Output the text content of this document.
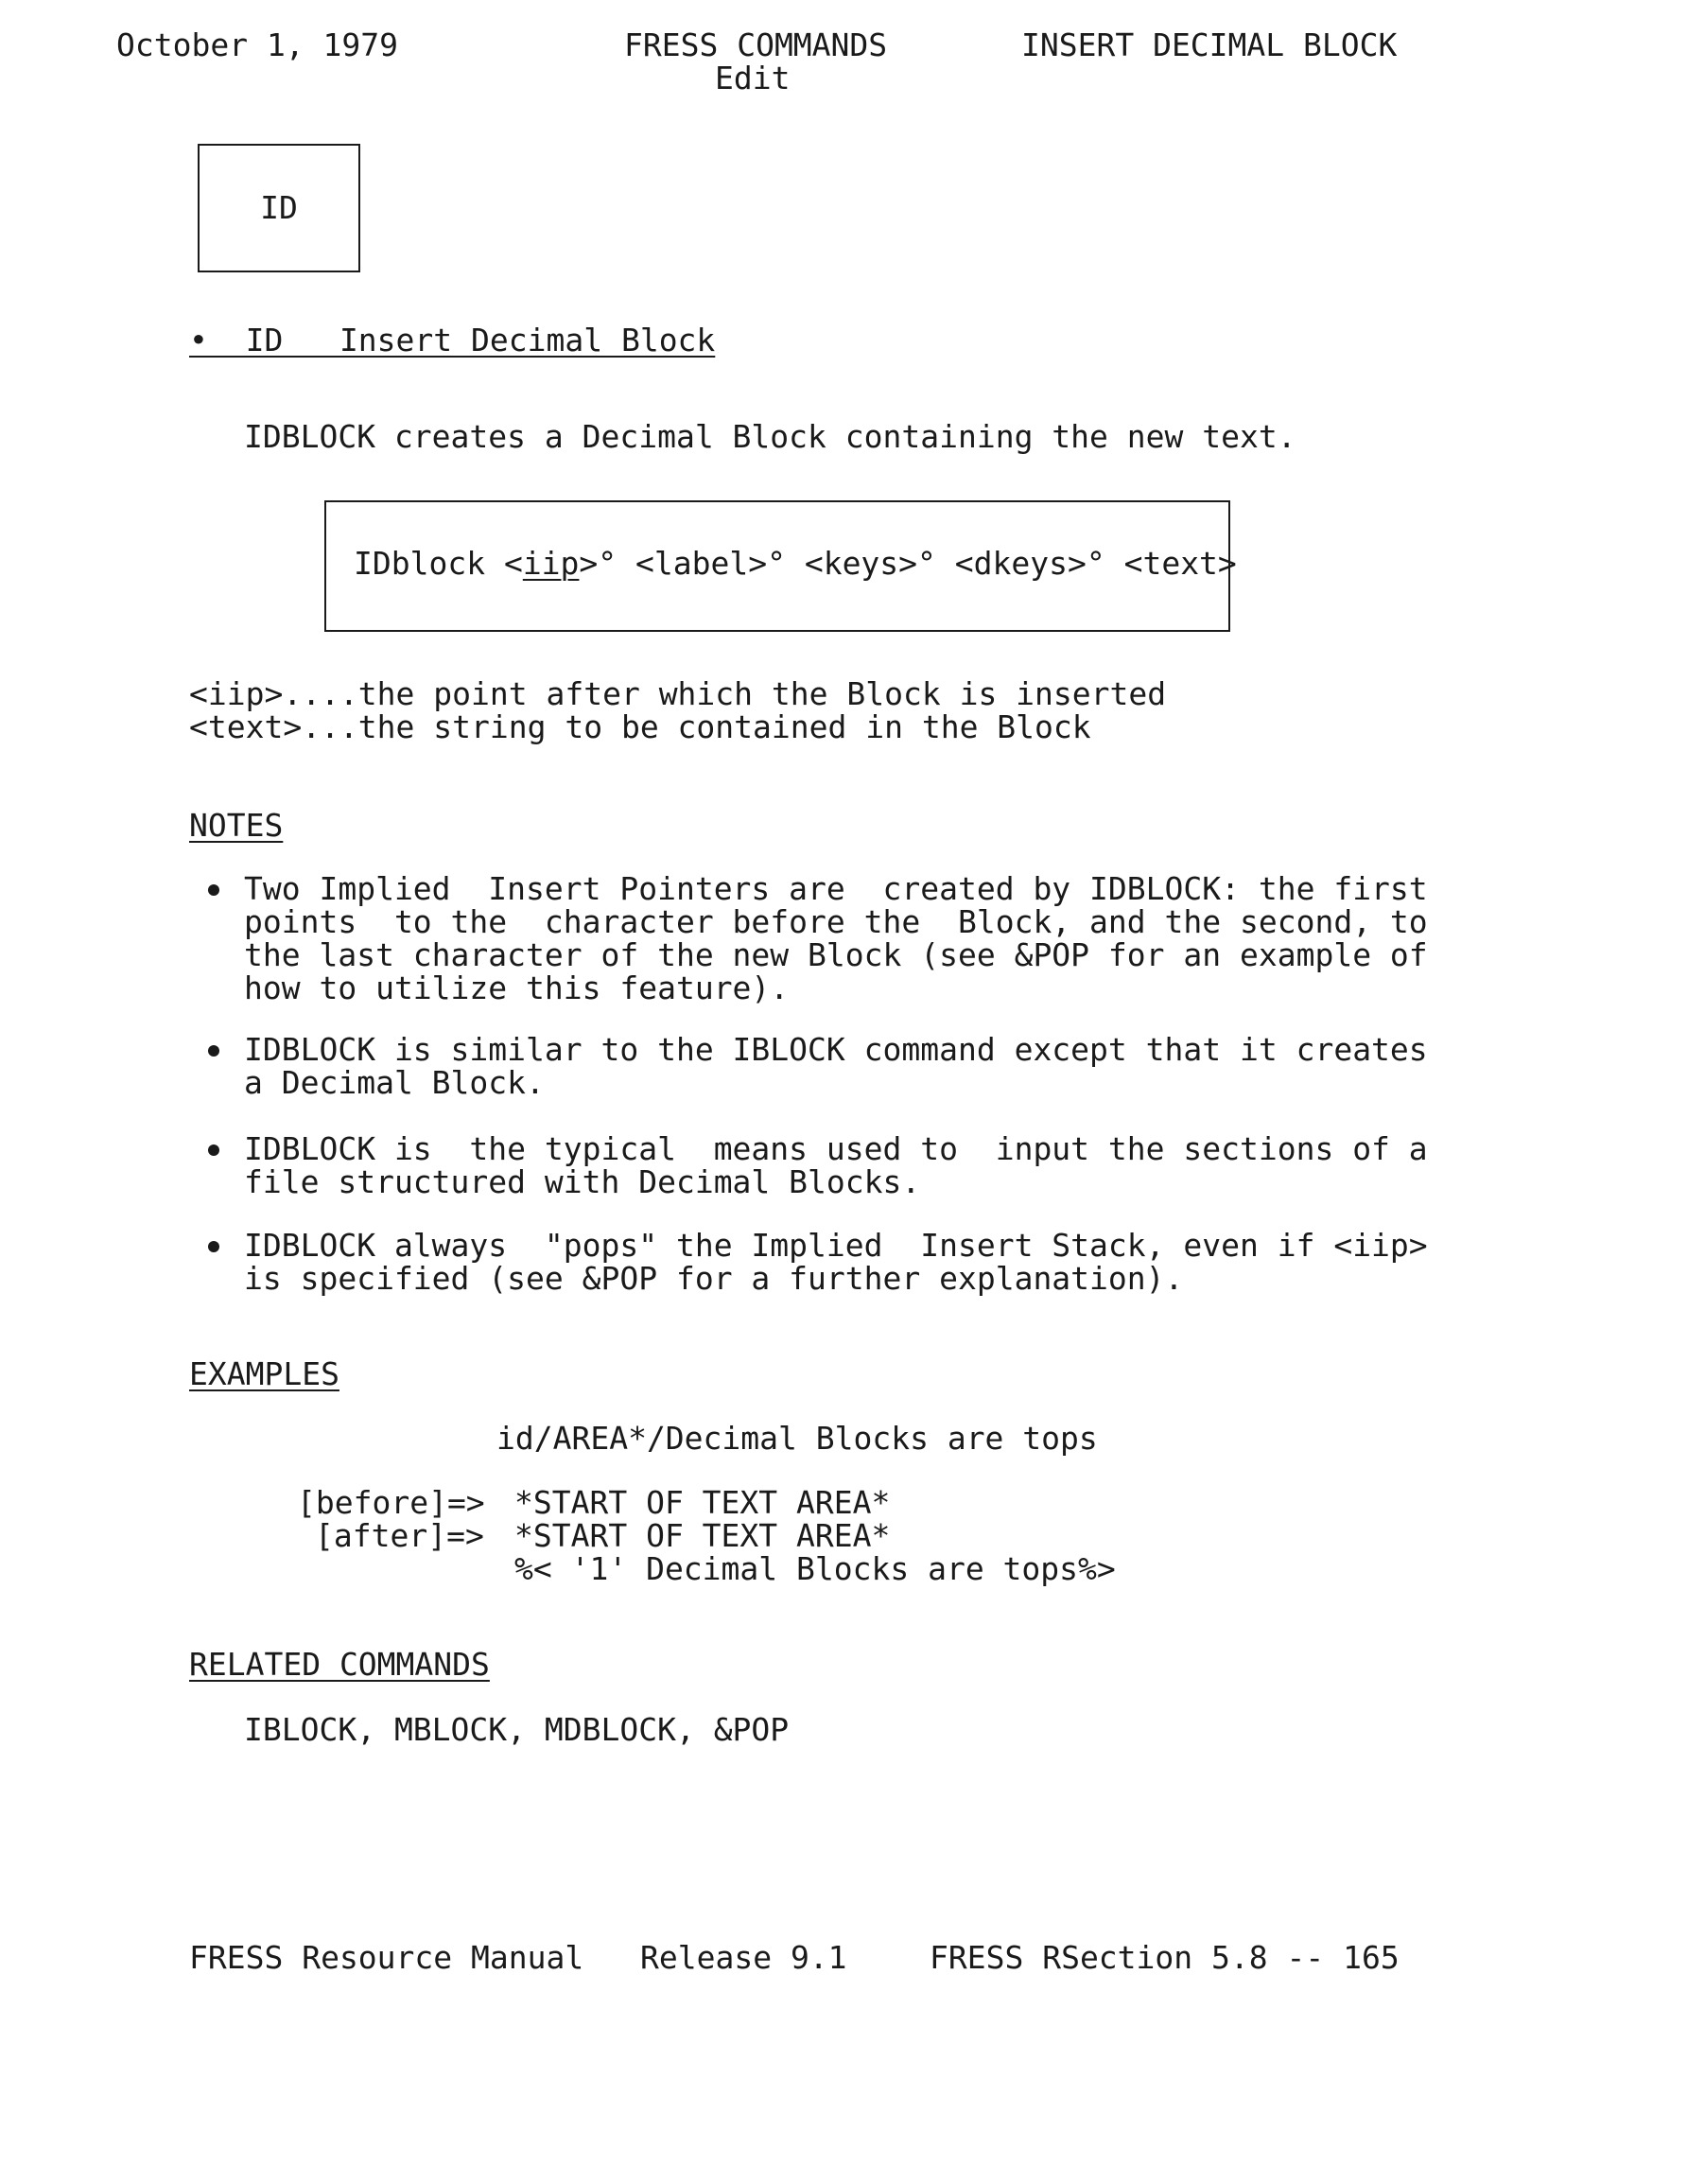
October 1, 1979	FRESS COMMANDS	INSERT DECIMAL BLOCK
Edit
ID
•  ID   Insert Decimal Block
IDBLOCK creates a Decimal Block containing the new text.
IDblock <iip>° <label>° <keys>° <dkeys>° <text>
<iip>....the point after which the Block is inserted
<text>...the string to be contained in the Block
NOTES
Two Implied  Insert Pointers are  created by IDBLOCK: the first
points  to the  character before the  Block, and the second, to
the last character of the new Block (see &POP for an example of
how to utilize this feature).
IDBLOCK is similar to the IBLOCK command except that it creates
a Decimal Block.
IDBLOCK is  the typical  means used to  input the sections of a
file structured with Decimal Blocks.
IDBLOCK always  "pops" the Implied  Insert Stack, even if <iip>
is specified (see &POP for a further explanation).
EXAMPLES
id/AREA*/Decimal Blocks are tops
[before]=> *START OF TEXT AREA*
[after]=> *START OF TEXT AREA*
%< '1' Decimal Blocks are tops%>
RELATED COMMANDS
IBLOCK, MBLOCK, MDBLOCK, &POP
FRESS Resource Manual Release 9.1	FRESS RSection 5.8 -- 165
